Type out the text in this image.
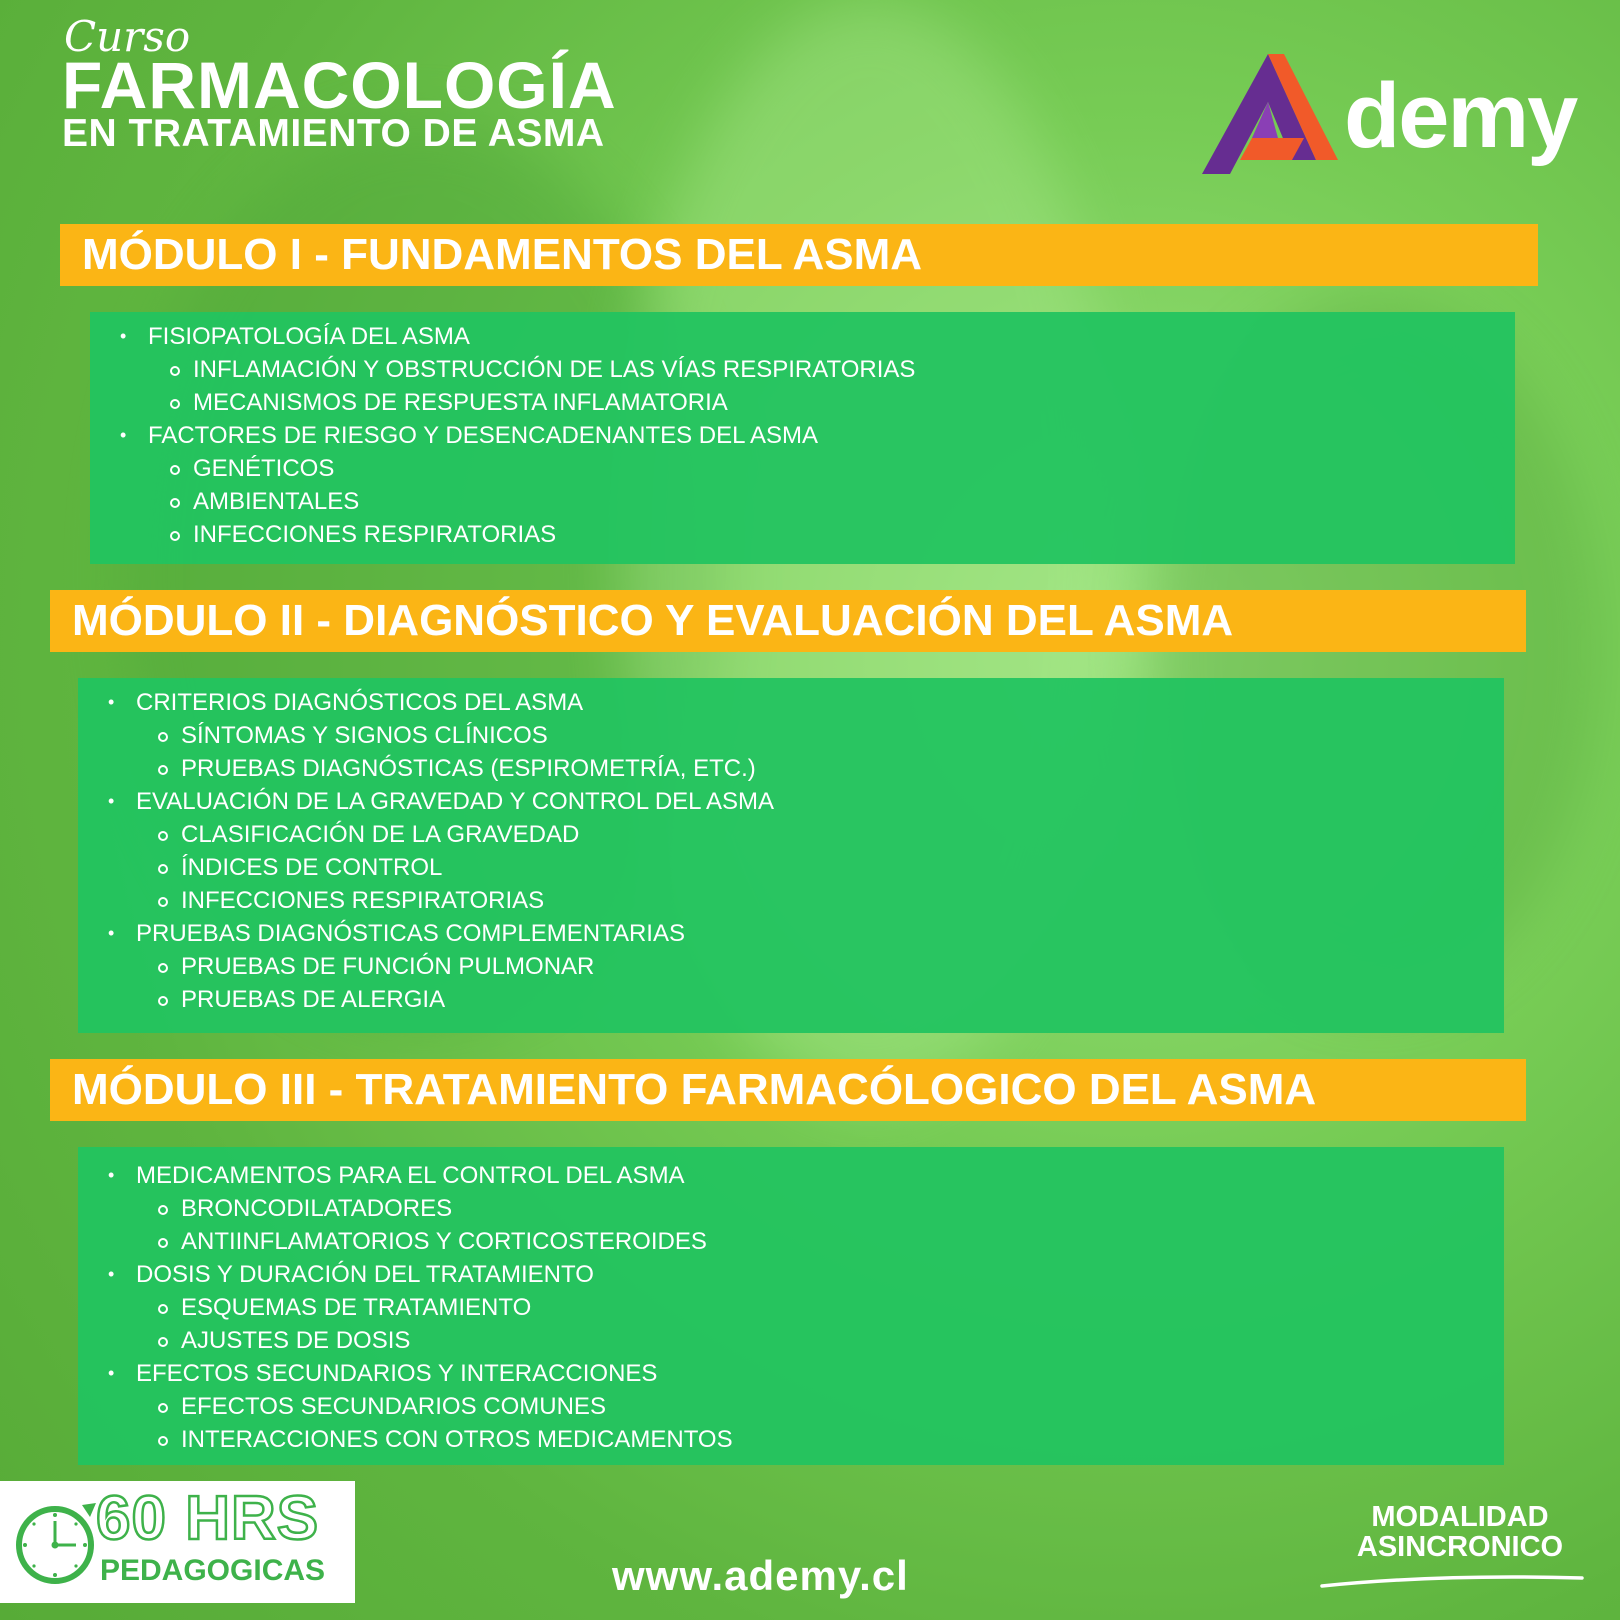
Curso
FARMACOLOGÍA
EN TRATAMIENTO DE ASMA	demy
MÓDULO I - FUNDAMENTOS DEL ASMA
MÓDULO II - DIAGNÓSTICO Y EVALUACIÓN DEL ASMA
MÓDULO III - TRATAMIENTO FARMACÓLOGICO DEL ASMA
• FISIOPATOLOGÍA DEL ASMA
INFLAMACIÓN Y OBSTRUCCIÓN DE LAS VÍAS RESPIRATORIAS
MECANISMOS DE RESPUESTA INFLAMATORIA
• FACTORES DE RIESGO Y DESENCADENANTES DEL ASMA
GENÉTICOS
AMBIENTALES
INFECCIONES RESPIRATORIAS
• CRITERIOS DIAGNÓSTICOS DEL ASMA
SÍNTOMAS Y SIGNOS CLÍNICOS
PRUEBAS DIAGNÓSTICAS (ESPIROMETRÍA, ETC.)
• EVALUACIÓN DE LA GRAVEDAD Y CONTROL DEL ASMA
CLASIFICACIÓN DE LA GRAVEDAD
ÍNDICES DE CONTROL
INFECCIONES RESPIRATORIAS
• PRUEBAS DIAGNÓSTICAS COMPLEMENTARIAS
PRUEBAS DE FUNCIÓN PULMONAR
PRUEBAS DE ALERGIA
• MEDICAMENTOS PARA EL CONTROL DEL ASMA
BRONCODILATADORES
ANTIINFLAMATORIOS Y CORTICOSTEROIDES
• DOSIS Y DURACIÓN DEL TRATAMIENTO
ESQUEMAS DE TRATAMIENTO
AJUSTES DE DOSIS
• EFECTOS SECUNDARIOS Y INTERACCIONES
EFECTOS SECUNDARIOS COMUNES
INTERACCIONES CON OTROS MEDICAMENTOS
60 HRS
PEDAGOGICAS	www.ademy.cl
MODALIDAD
ASINCRONICO
